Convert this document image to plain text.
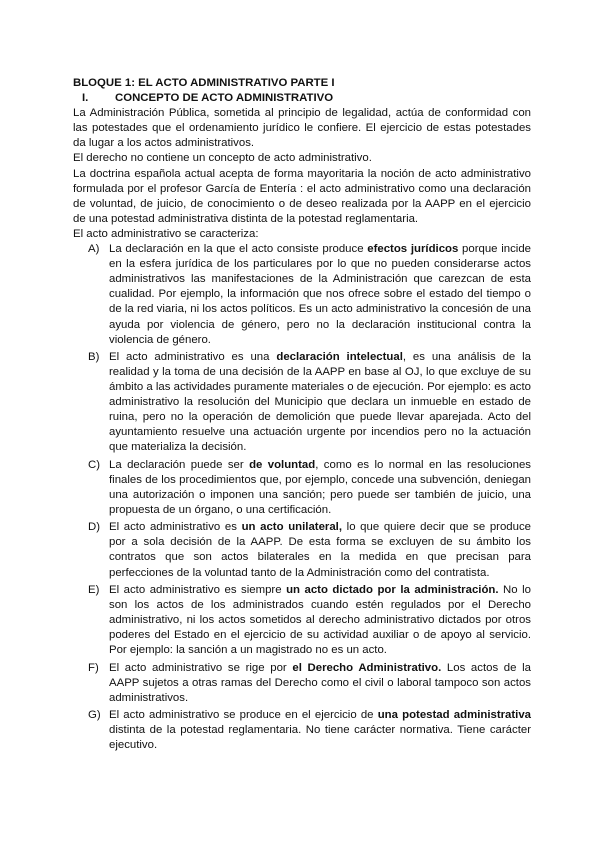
BLOQUE 1: EL ACTO ADMINISTRATIVO PARTE I
I. CONCEPTO DE ACTO ADMINISTRATIVO

La Administración Pública, sometida al principio de legalidad, actúa de conformidad con las potestades que el ordenamiento jurídico le confiere. El ejercicio de estas potestades da lugar a los actos administrativos.

El derecho no contiene un concepto de acto administrativo.

La doctrina española actual acepta de forma mayoritaria la noción de acto administrativo formulada por el profesor García de Entería : el acto administrativo como una declaración de voluntad, de juicio, de conocimiento o de deseo realizada por la AAPP en el ejercicio de una potestad administrativa distinta de la potestad reglamentaria.

El acto administrativo se caracteriza:

A) La declaración en la que el acto consiste produce efectos jurídicos porque incide en la esfera jurídica de los particulares por lo que no pueden considerarse actos administrativos las manifestaciones de la Administración que carezcan de esta cualidad. Por ejemplo, la información que nos ofrece sobre el estado del tiempo o de la red viaria, ni los actos políticos. Es un acto administrativo la concesión de una ayuda por violencia de género, pero no la declaración institucional contra la violencia de género.
B) El acto administrativo es una declaración intelectual, es una análisis de la realidad y la toma de una decisión de la AAPP en base al OJ, lo que excluye de su ámbito a las actividades puramente materiales o de ejecución. Por ejemplo: es acto administrativo la resolución del Municipio que declara un inmueble en estado de ruina, pero no la operación de demolición que puede llevar aparejada. Acto del ayuntamiento resuelve una actuación urgente por incendios pero no la actuación que materializa la decisión.
C) La declaración puede ser de voluntad, como es lo normal en las resoluciones finales de los procedimientos que, por ejemplo, concede una subvención, deniegan una autorización o imponen una sanción; pero puede ser también de juicio, una propuesta de un órgano, o una certificación.
D) El acto administrativo es un acto unilateral, lo que quiere decir que se produce por a sola decisión de la AAPP. De esta forma se excluyen de su ámbito los contratos que son actos bilaterales en la medida en que precisan para perfecciones de la voluntad tanto de la Administración como del contratista.
E) El acto administrativo es siempre un acto dictado por la administración. No lo son los actos de los administrados cuando estén regulados por el Derecho administrativo, ni los actos sometidos al derecho administrativo dictados por otros poderes del Estado en el ejercicio de su actividad auxiliar o de apoyo al servicio. Por ejemplo: la sanción a un magistrado no es un acto.
F) El acto administrativo se rige por el Derecho Administrativo. Los actos de la AAPP sujetos a otras ramas del Derecho como el civil o laboral tampoco son actos administrativos.
G) El acto administrativo se produce en el ejercicio de una potestad administrativa distinta de la potestad reglamentaria. No tiene carácter normativa. Tiene carácter ejecutivo.
